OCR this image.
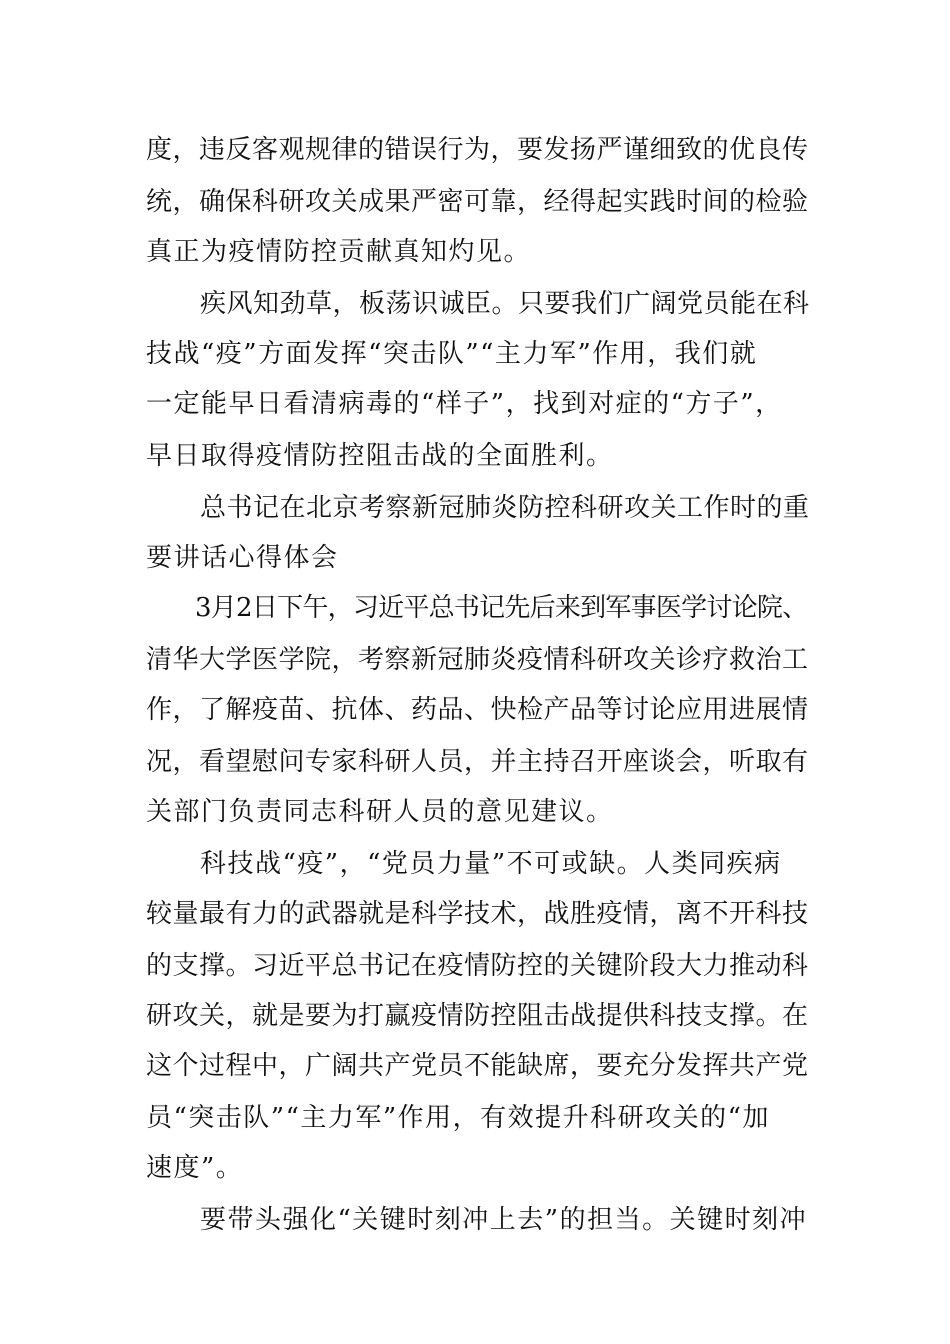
度，违反客观规律的错误行为，要发扬严谨细致的优良传
统，确保科研攻关成果严密可靠，经得起实践时间的检验
真正为疫情防控贡献真知灼见。
疾风知劲草，板荡识诚臣。只要我们广阔党员能在科
技战“疫”方面发挥“突击队”“主力军”作用，我们就
一定能早日看清病毒的“样子”，找到对症的“方子”，
早日取得疫情防控阻击战的全面胜利。
总书记在北京考察新冠肺炎防控科研攻关工作时的重
要讲话心得体会
3月2日下午，习近平总书记先后来到军事医学讨论院、
清华大学医学院，考察新冠肺炎疫情科研攻关诊疗救治工
作，了解疫苗、抗体、药品、快检产品等讨论应用进展情
况，看望慰问专家科研人员，并主持召开座谈会，听取有
关部门负责同志科研人员的意见建议。
科技战“疫”，“党员力量”不可或缺。人类同疾病
较量最有力的武器就是科学技术，战胜疫情，离不开科技
的支撑。习近平总书记在疫情防控的关键阶段大力推动科
研攻关，就是要为打赢疫情防控阻击战提供科技支撑。在
这个过程中，广阔共产党员不能缺席，要充分发挥共产党
员“突击队”“主力军”作用，有效提升科研攻关的“加
速度”。
要带头强化“关键时刻冲上去”的担当。关键时刻冲
